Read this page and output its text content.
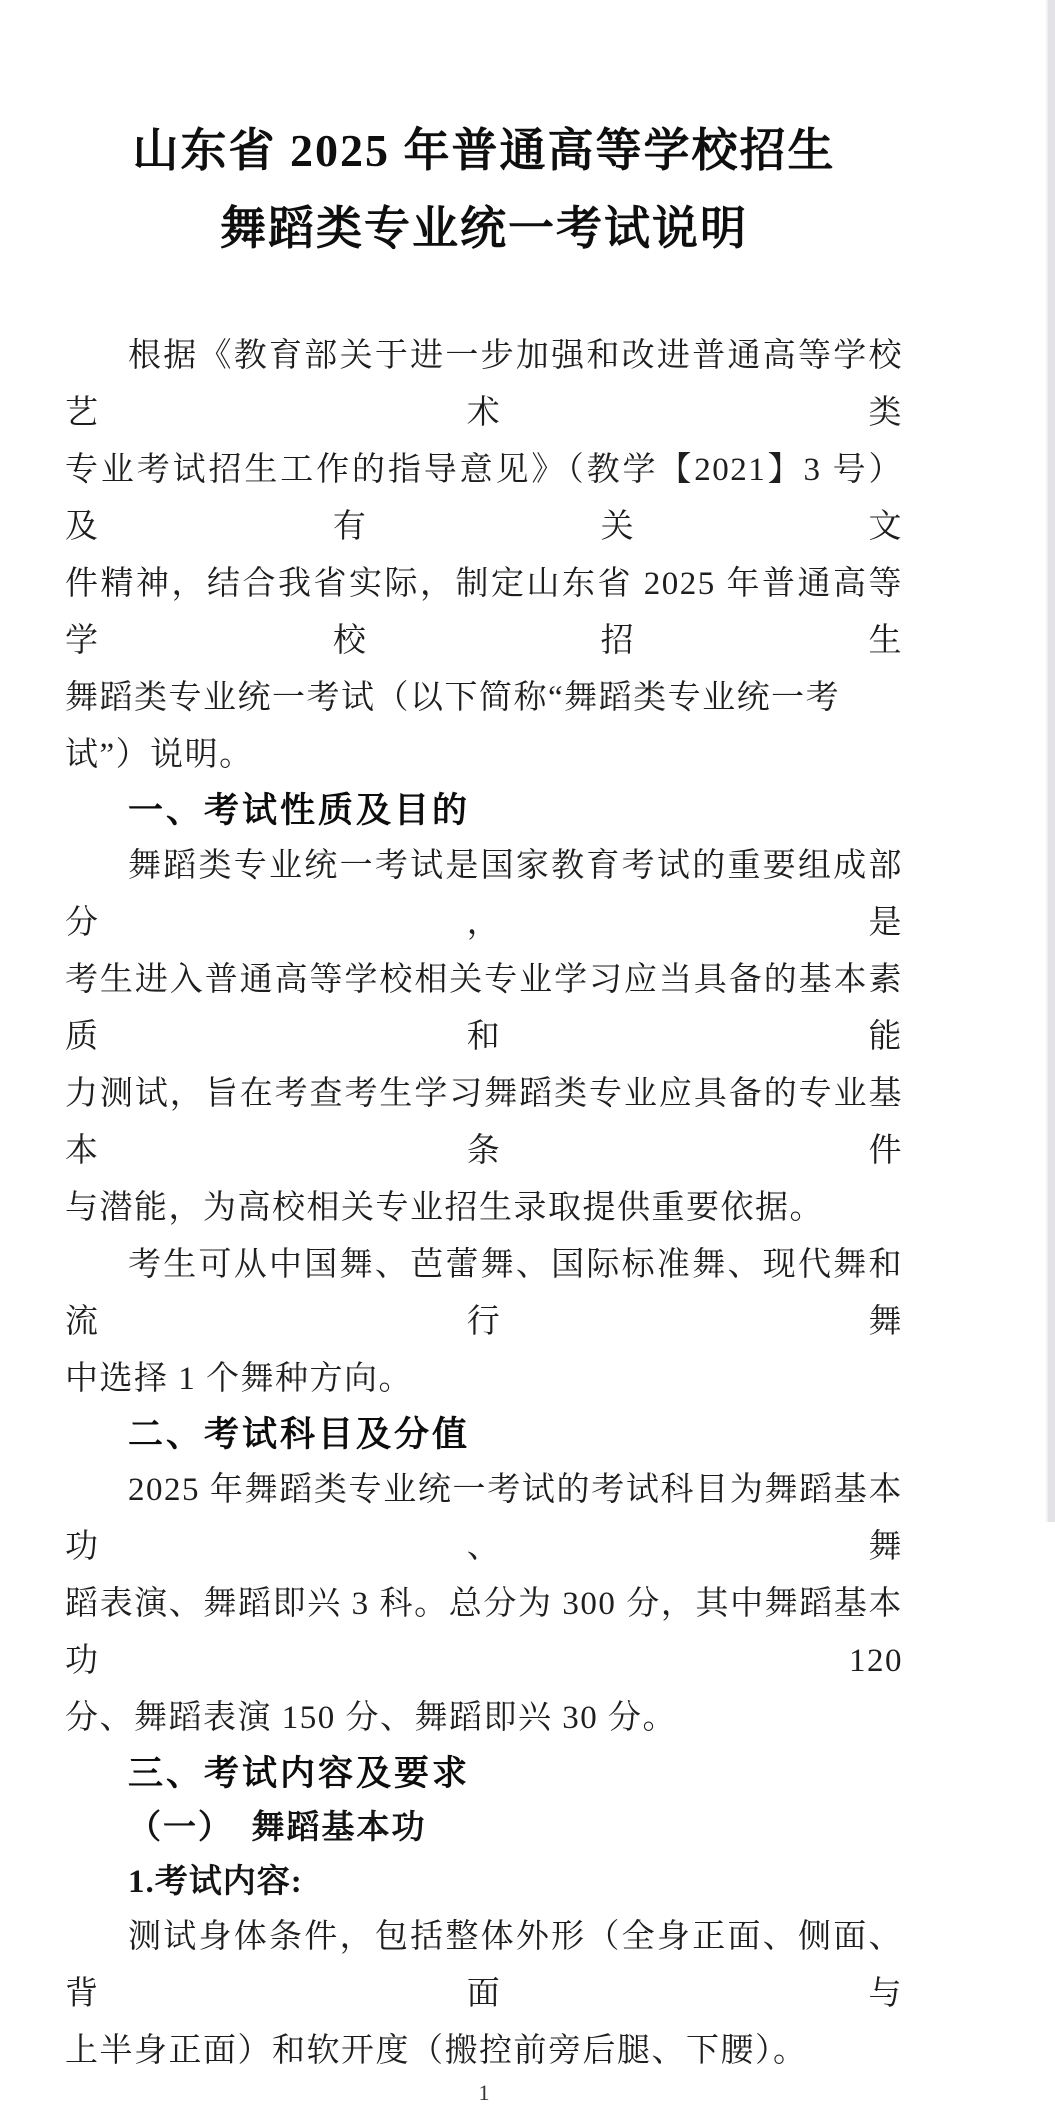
山东省 2025 年普通高等学校招生
舞蹈类专业统一考试说明
根据《教育部关于进一步加强和改进普通高等学校艺术类
专业考试招生工作的指导意见》（教学【2021】3 号）及有关文
件精神，结合我省实际，制定山东省 2025 年普通高等学校招生
舞蹈类专业统一考试（以下简称“舞蹈类专业统一考试”）说明。
一、考试性质及目的
舞蹈类专业统一考试是国家教育考试的重要组成部分，是
考生进入普通高等学校相关专业学习应当具备的基本素质和能
力测试，旨在考查考生学习舞蹈类专业应具备的专业基本条件
与潜能，为高校相关专业招生录取提供重要依据。
考生可从中国舞、芭蕾舞、国际标准舞、现代舞和流行舞
中选择 1 个舞种方向。
二、考试科目及分值
2025 年舞蹈类专业统一考试的考试科目为舞蹈基本功、舞
蹈表演、舞蹈即兴 3 科。总分为 300 分，其中舞蹈基本功 120
分、舞蹈表演 150 分、舞蹈即兴 30 分。
三、考试内容及要求
（一）　舞蹈基本功
1.考试内容:
测试身体条件，包括整体外形（全身正面、侧面、背面与
上半身正面）和软开度（搬控前旁后腿、下腰）。
1
